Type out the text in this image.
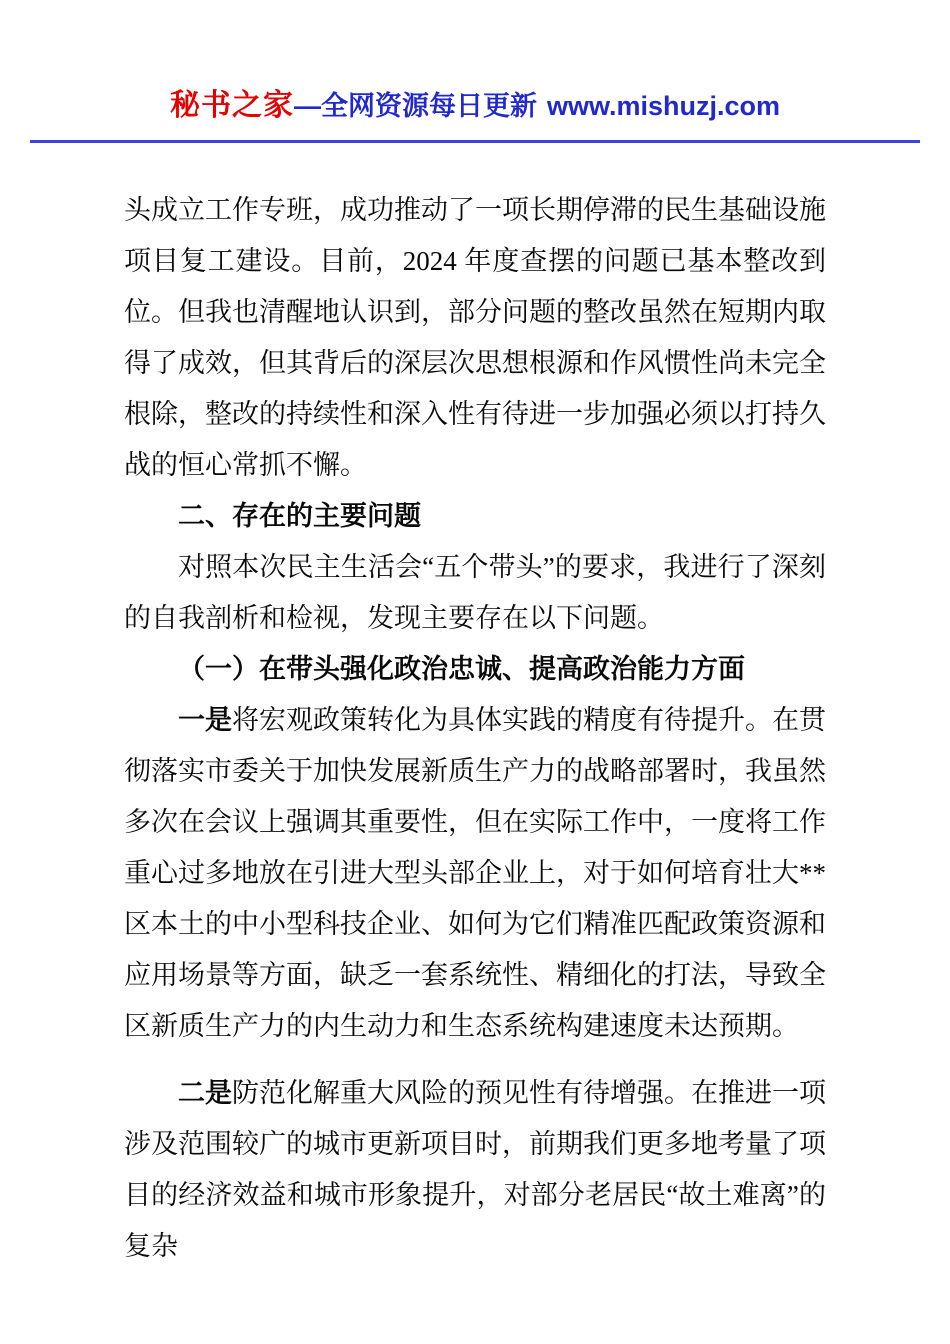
秘书之家—全网资源每日更新 www.mishuzj.com

头成立工作专班，成功推动了一项长期停滞的民生基础设施项目复工建设。目前，2024 年度查摆的问题已基本整改到位。但我也清醒地认识到，部分问题的整改虽然在短期内取得了成效，但其背后的深层次思想根源和作风惯性尚未完全根除，整改的持续性和深入性有待进一步加强必须以打持久战的恒心常抓不懈。

二、存在的主要问题

对照本次民主生活会“五个带头”的要求，我进行了深刻的自我剖析和检视，发现主要存在以下问题。

（一）在带头强化政治忠诚、提高政治能力方面

一是将宏观政策转化为具体实践的精度有待提升。在贯彻落实市委关于加快发展新质生产力的战略部署时，我虽然多次在会议上强调其重要性，但在实际工作中，一度将工作重心过多地放在引进大型头部企业上，对于如何培育壮大**区本土的中小型科技企业、如何为它们精准匹配政策资源和应用场景等方面，缺乏一套系统性、精细化的打法，导致全区新质生产力的内生动力和生态系统构建速度未达预期。

二是防范化解重大风险的预见性有待增强。在推进一项涉及范围较广的城市更新项目时，前期我们更多地考量了项目的经济效益和城市形象提升，对部分老居民“故土难离”的复杂
